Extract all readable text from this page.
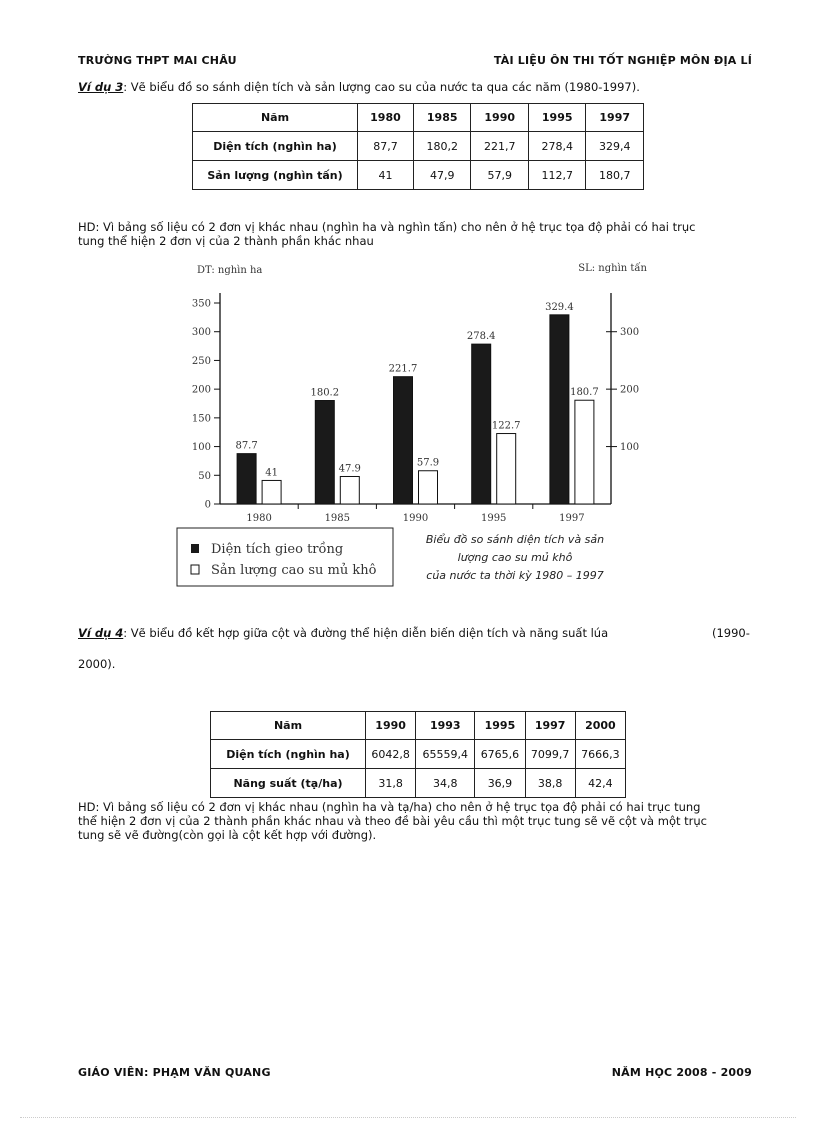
TRƯỜNG THPT MAI CHÂU	TÀI LIỆU ÔN THI TỐT NGHIỆP MÔN ĐỊA LÍ
Ví dụ 3: Vẽ biểu đồ so sánh diện tích và sản lượng cao su của nước ta qua các năm (1980-1997).
Năm	1980	1985	1990	1995	1997
Diện tích (nghìn ha)	87,7	180,2	221,7	278,4	329,4
Sản lượng (nghìn tấn)	41	47,9	57,9	112,7	180,7
HD: Vì bảng số liệu có 2 đơn vị khác nhau (nghìn ha và nghìn tấn) cho nên ở hệ trục tọa độ phải có hai trục
tung thể hiện 2 đơn vị của 2 thành phần khác nhau
DT: nghìn ha	SL: nghìn tấn
0
50
100
150
200
250
300
350
100
200
300
87.7
41
180.2
47.9
221.7
57.9
278.4
122.7
329.4
180.7
1980	1985	1990	1995	1997
Diện tích gieo trồng
Sản lượng cao su mủ khô
Biểu đồ so sánh diện tích và sản
lượng cao su mủ khô
của nước ta thời kỳ 1980 – 1997
Ví dụ 4: Vẽ biểu đồ kết hợp giữa cột và đường thể hiện diễn biến diện tích và năng suất lúa	(1990-
2000).
Năm	1990	1993	1995	1997	2000
Diện tích (nghìn ha)	6042,8	65559,4	6765,6	7099,7	7666,3
Năng suất (tạ/ha)	31,8	34,8	36,9	38,8	42,4
HD: Vì bảng số liệu có 2 đơn vị khác nhau (nghìn ha và tạ/ha) cho nên ở hệ trục tọa độ phải có hai trục tung
thể hiện 2 đơn vị của 2 thành phần khác nhau và theo đề bài yêu cầu thì một trục tung sẽ vẽ cột và một trục
tung sẽ vẽ đường(còn gọi là cột kết hợp với đường).
GIÁO VIÊN: PHẠM VĂN QUANG	NĂM HỌC 2008 - 2009
